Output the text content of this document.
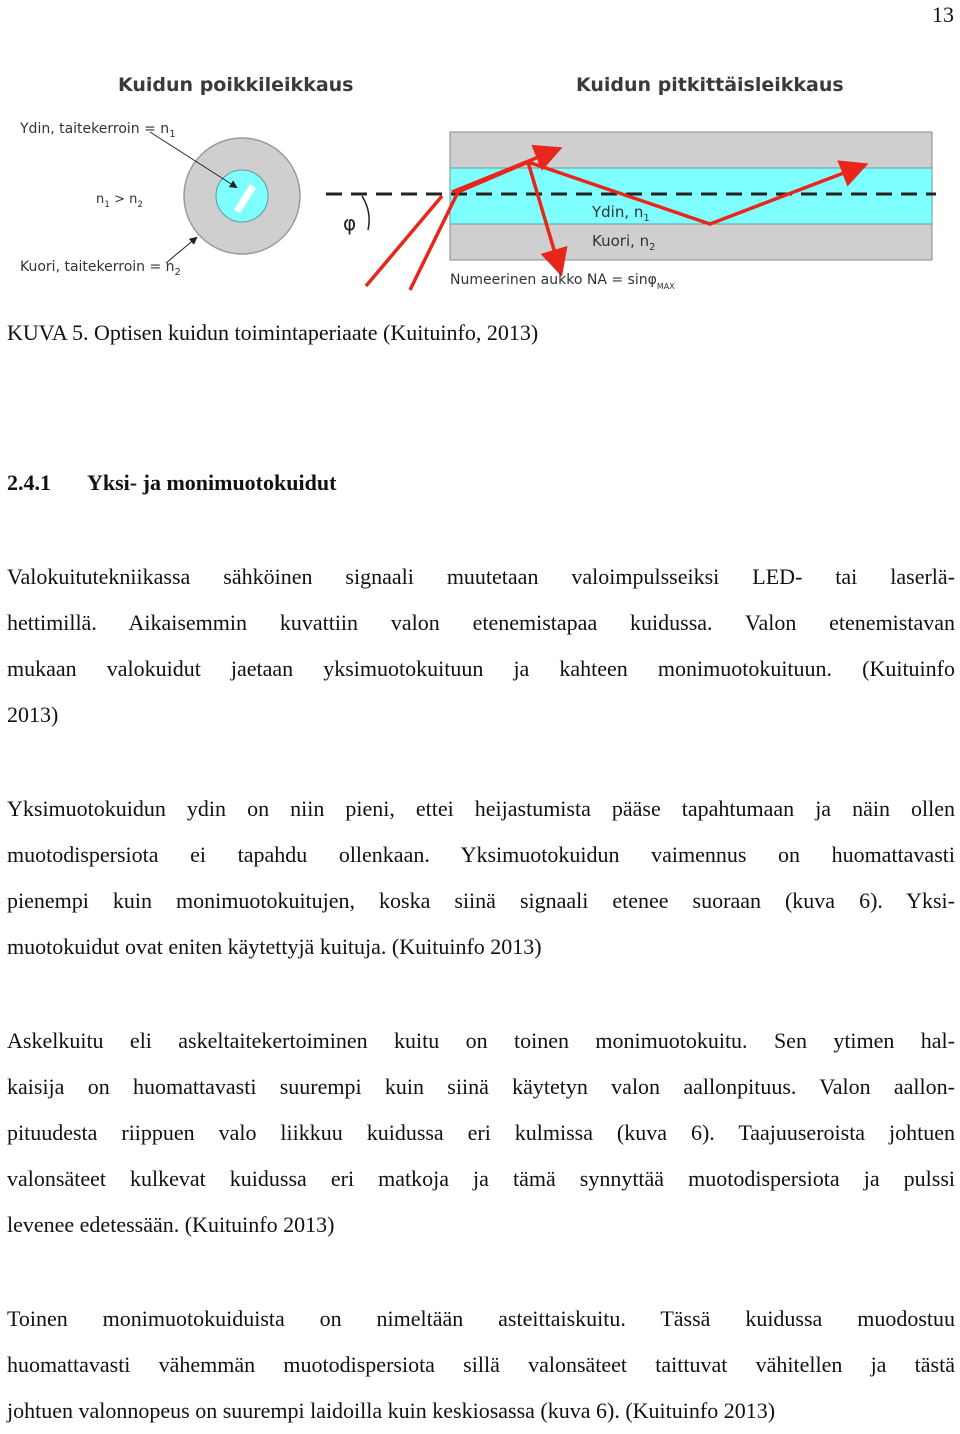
13
Kuidun poikkileikkaus
Ydin, taitekerroin = $n_1$
$n_1 > n_2$
Kuori, taitekerroin = $n_2$
Kuidun pitkittäisleikkaus
φ	Ydin, $n_1$
Kuori, $n_2$
Numeerinen aukko NA = sinφ$_{MAX}$
KUVA 5. Optisen kuidun toimintaperiaate (Kuituinfo, 2013)
2.4.1 Yksi- ja monimuotokuidut
Valokuitutekniikassa sähköinen signaali muutetaan valoimpulsseiksi LED- tai laserlä-
hettimillä. Aikaisemmin kuvattiin valon etenemistapaa kuidussa. Valon etenemistavan
mukaan valokuidut jaetaan yksimuotokuituun ja kahteen monimuotokuituun. (Kuituinfo
2013)
Yksimuotokuidun ydin on niin pieni, ettei heijastumista pääse tapahtumaan ja näin ollen
muotodispersiota ei tapahdu ollenkaan. Yksimuotokuidun vaimennus on huomattavasti
pienempi kuin monimuotokuitujen, koska siinä signaali etenee suoraan (kuva 6). Yksi-
muotokuidut ovat eniten käytettyjä kuituja. (Kuituinfo 2013)
Askelkuitu eli askeltaitekertoiminen kuitu on toinen monimuotokuitu. Sen ytimen hal-
kaisija on huomattavasti suurempi kuin siinä käytetyn valon aallonpituus. Valon aallon-
pituudesta riippuen valo liikkuu kuidussa eri kulmissa (kuva 6). Taajuuseroista johtuen
valonsäteet kulkevat kuidussa eri matkoja ja tämä synnyttää muotodispersiota ja pulssi
levenee edetessään. (Kuituinfo 2013)
Toinen monimuotokuiduista on nimeltään asteittaiskuitu. Tässä kuidussa muodostuu
huomattavasti vähemmän muotodispersiota sillä valonsäteet taittuvat vähitellen ja tästä
johtuen valonnopeus on suurempi laidoilla kuin keskiosassa (kuva 6). (Kuituinfo 2013)
